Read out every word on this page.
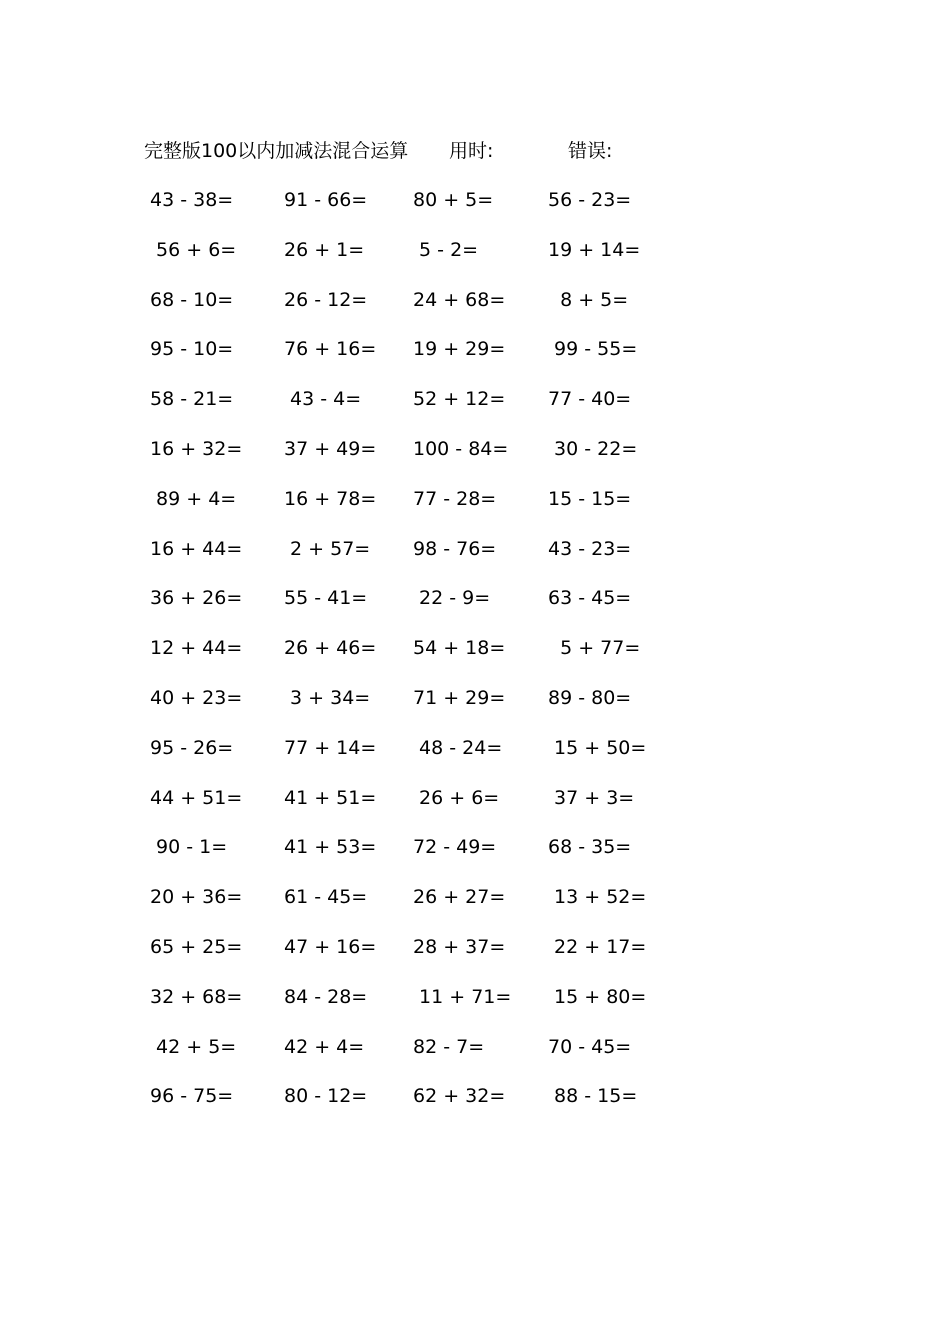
完整版100以内加减法混合运算 用时:	错误:
43 - 38=	91 - 66= 80 + 5=	56 - 23=
56 + 6=	26 + 1=	5 - 2=	19 + 14=
68 - 10=	26 - 12= 24 + 68= 8 + 5=
95 - 10=	76 + 16= 19 + 29= 99 - 55=
58 - 21=	43 - 4=	52 + 12= 77 - 40=
16 + 32= 37 + 49= 100 - 84= 30 - 22=
89 + 4=	16 + 78= 77 - 28=	15 - 15=
16 + 44= 2 + 57= 98 - 76=	43 - 23=
36 + 26= 55 - 41= 22 - 9=	63 - 45=
12 + 44= 26 + 46= 54 + 18= 5 + 77=
40 + 23= 3 + 34= 71 + 29= 89 - 80=
95 - 26=	77 + 14= 48 - 24= 15 + 50=
44 + 51= 41 + 51= 26 + 6=	37 + 3=
90 - 1=	41 + 53= 72 - 49=	68 - 35=
20 + 36= 61 - 45= 26 + 27= 13 + 52=
65 + 25= 47 + 16= 28 + 37= 22 + 17=
32 + 68= 84 - 28= 11 + 71= 15 + 80=
42 + 5=	42 + 4=	82 - 7=	70 - 45=
96 - 75=	80 - 12= 62 + 32= 88 - 15=
